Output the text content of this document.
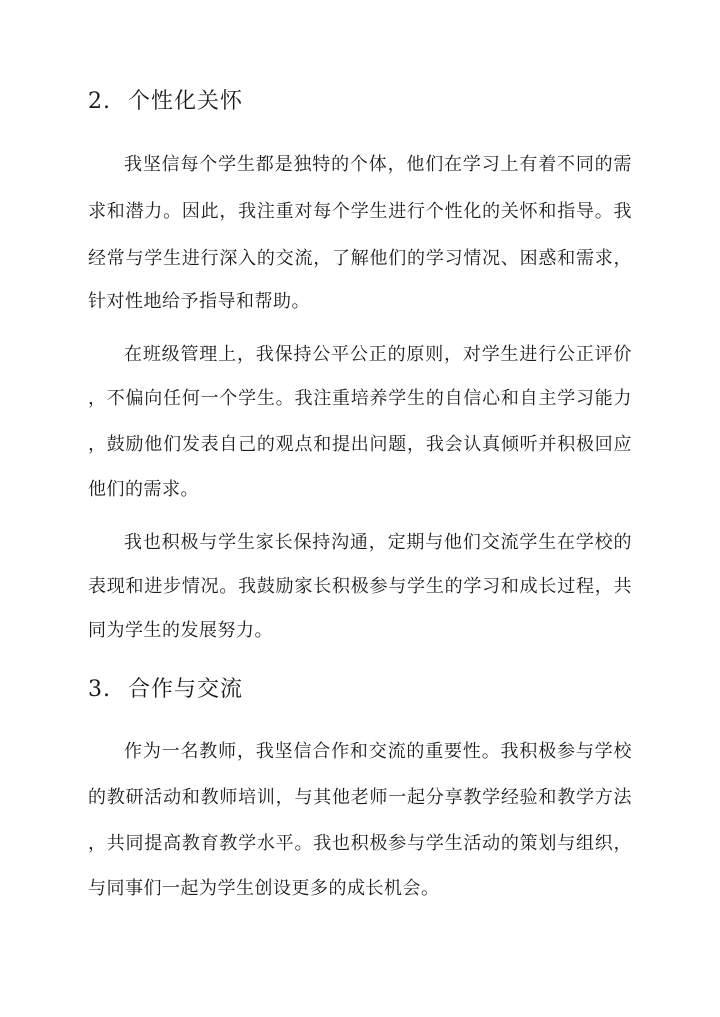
2. 个性化关怀
我坚信每个学生都是独特的个体，他们在学习上有着不同的需
求和潜力。因此，我注重对每个学生进行个性化的关怀和指导。我
经常与学生进行深入的交流，了解他们的学习情况、困惑和需求，
针对性地给予指导和帮助。
在班级管理上，我保持公平公正的原则，对学生进行公正评价
，不偏向任何一个学生。我注重培养学生的自信心和自主学习能力
，鼓励他们发表自己的观点和提出问题，我会认真倾听并积极回应
他们的需求。
我也积极与学生家长保持沟通，定期与他们交流学生在学校的
表现和进步情况。我鼓励家长积极参与学生的学习和成长过程，共
同为学生的发展努力。
3. 合作与交流
作为一名教师，我坚信合作和交流的重要性。我积极参与学校
的教研活动和教师培训，与其他老师一起分享教学经验和教学方法
，共同提高教育教学水平。我也积极参与学生活动的策划与组织，
与同事们一起为学生创设更多的成长机会。
